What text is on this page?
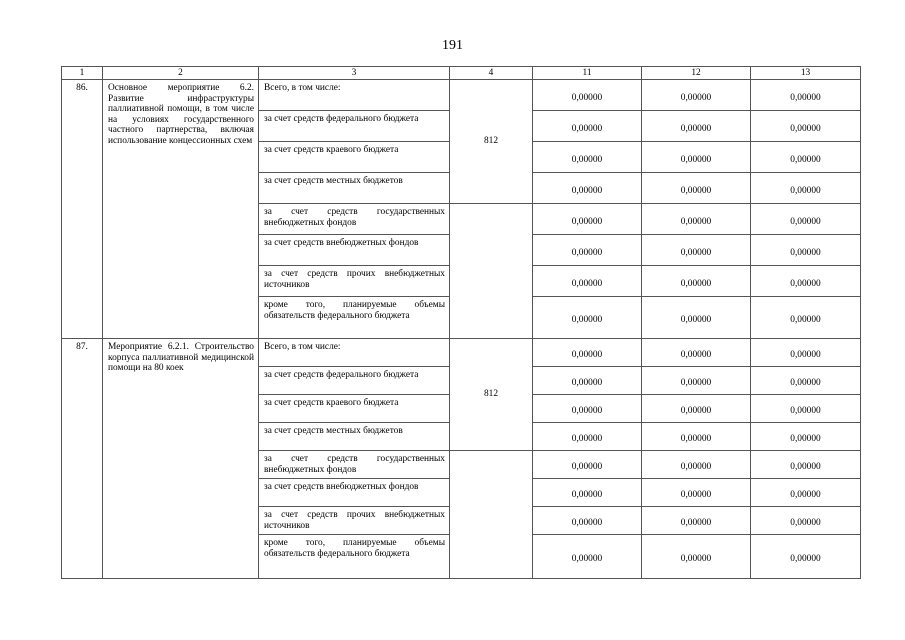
191
1	2	3	4	11	12	13
86.	Основное мероприятие 6.2. Развитие инфраструктуры паллиативной помощи, в том числе на условиях государственного частного партнерства, включая использование концессионных схем	Всего, в том числе:	812	0,00000	0,00000	0,00000
		за счет средств федерального бюджета		0,00000	0,00000	0,00000
		за счет средств краевого бюджета		0,00000	0,00000	0,00000
		за счет средств местных бюджетов		0,00000	0,00000	0,00000
		за счет средств государственных внебюджетных фондов		0,00000	0,00000	0,00000
		за счет средств внебюджетных фондов		0,00000	0,00000	0,00000
		за счет средств прочих внебюджетных источников		0,00000	0,00000	0,00000
		кроме того, планируемые объемы обязательств федерального бюджета		0,00000	0,00000	0,00000
87.	Мероприятие 6.2.1. Строительство корпуса паллиативной медицинской помощи на 80 коек	Всего, в том числе:	812	0,00000	0,00000	0,00000
		за счет средств федерального бюджета		0,00000	0,00000	0,00000
		за счет средств краевого бюджета		0,00000	0,00000	0,00000
		за счет средств местных бюджетов		0,00000	0,00000	0,00000
		за счет средств государственных внебюджетных фондов		0,00000	0,00000	0,00000
		за счет средств внебюджетных фондов		0,00000	0,00000	0,00000
		за счет средств прочих внебюджетных источников		0,00000	0,00000	0,00000
		кроме того, планируемые объемы обязательств федерального бюджета		0,00000	0,00000	0,00000
